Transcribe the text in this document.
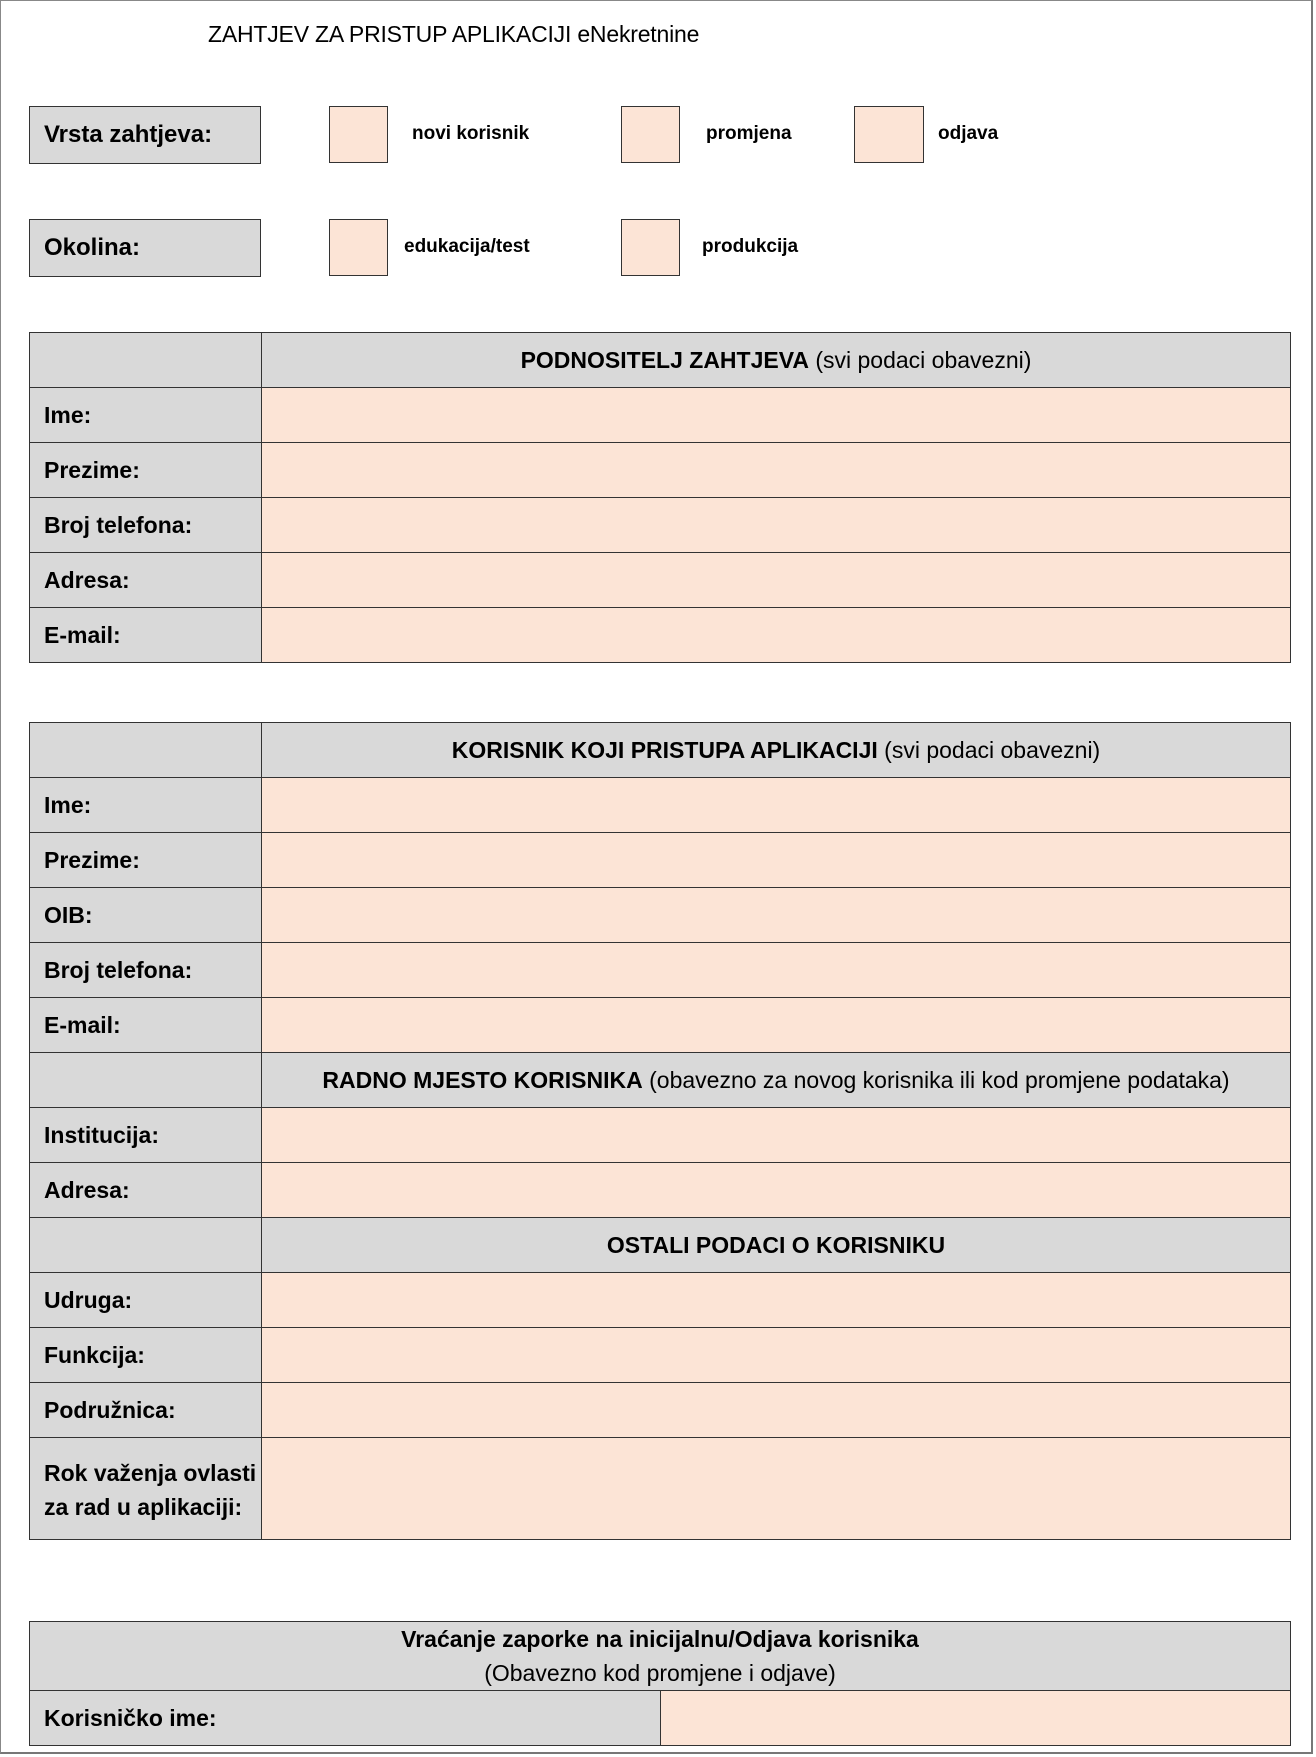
ZAHTJEV ZA PRISTUP APLIKACIJI eNekretnine
Vrsta zahtjeva:	novi korisnik	promjena	odjava
Okolina:	edukacija/test	produkcija
	PODNOSITELJ ZAHTJEVA (svi podaci obavezni)
Ime:	
Prezime:	
Broj telefona:	
Adresa:	
E-mail:	
	KORISNIK KOJI PRISTUPA APLIKACIJI (svi podaci obavezni)
Ime:	
Prezime:	
OIB:	
Broj telefona:	
E-mail:	
	RADNO MJESTO KORISNIKA (obavezno za novog korisnika ili kod promjene podataka)
Institucija:	
Adresa:	
	OSTALI PODACI O KORISNIKU
Udruga:	
Funkcija:	
Podružnica:	
Rok važenja ovlasti za rad u aplikaciji:	
Vraćanje zaporke na inicijalnu/Odjava korisnika
(Obavezno kod promjene i odjave)

Korisničko ime:	
